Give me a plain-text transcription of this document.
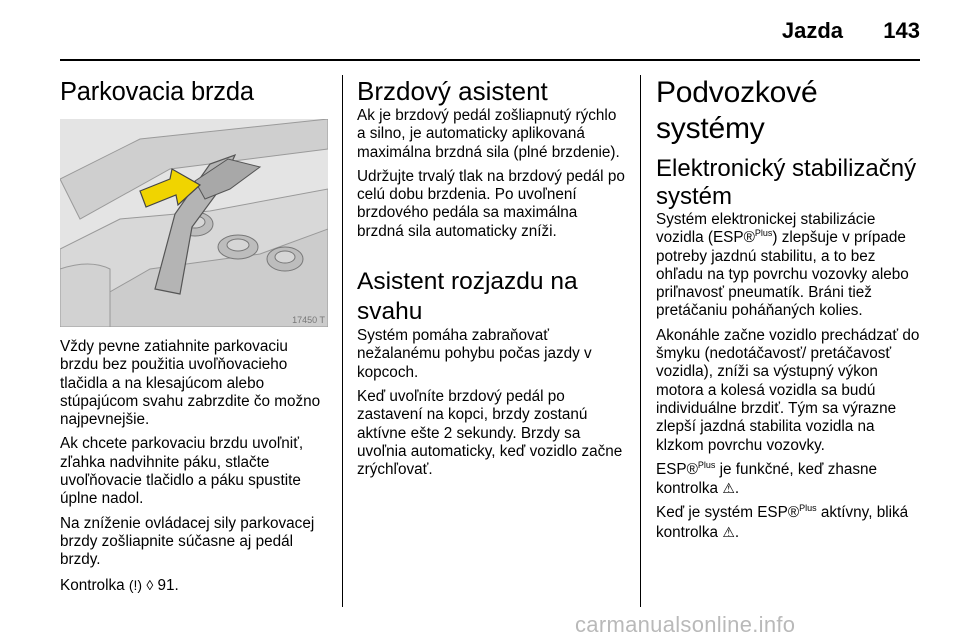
Jazda 143
Parkovacia brzda
17450 T

Vždy pevne zatiahnite parkovaciu brzdu bez použitia uvoľňovacieho tlačidla a na klesajúcom alebo stúpajúcom svahu zabrzdite čo možno najpevnejšie.

Ak chcete parkovaciu brzdu uvoľniť, zľahka nadvihnite páku, stlačte uvoľňovacie tlačidlo a páku spustite úplne nadol.

Na zníženie ovládacej sily parkovacej brzdy zošliapnite súčasne aj pedál brzdy.

Kontrolka (!) ◊ 91.

Brzdový asistent

Ak je brzdový pedál zošliapnutý rýchlo a silno, je automaticky aplikovaná maximálna brzdná sila (plné brzdenie).

Udržujte trvalý tlak na brzdový pedál po celú dobu brzdenia. Po uvoľnení brzdového pedála sa maximálna brzdná sila automaticky zníži.

Asistent rozjazdu na svahu

Systém pomáha zabraňovať nežalanému pohybu počas jazdy v kopcoch.

Keď uvoľníte brzdový pedál po zastavení na kopci, brzdy zostanú aktívne ešte 2 sekundy. Brzdy sa uvoľnia automaticky, keď vozidlo začne zrýchľovať.

Podvozkové systémy
Elektronický stabilizačný systém

Systém elektronickej stabilizácie vozidla (ESP®$^{Plus}$) zlepšuje v prípade potreby jazdnú stabilitu, a to bez ohľadu na typ povrchu vozovky alebo priľnavosť pneumatík. Bráni tiež pretáčaniu poháňaných kolies.

Akonáhle začne vozidlo prechádzať do šmyku (nedotáčavosť/ pretáčavosť vozidla), zníži sa výstupný výkon motora a kolesá vozidla sa budú individuálne brzdiť. Tým sa výrazne zlepší jazdná stabilita vozidla na klzkom povrchu vozovky.

ESP®$^{Plus}$ je funkčné, keď zhasne kontrolka ⚠.

Keď je systém ESP®$^{Plus}$ aktívny, bliká kontrolka ⚠.

carmanualsonline.info
